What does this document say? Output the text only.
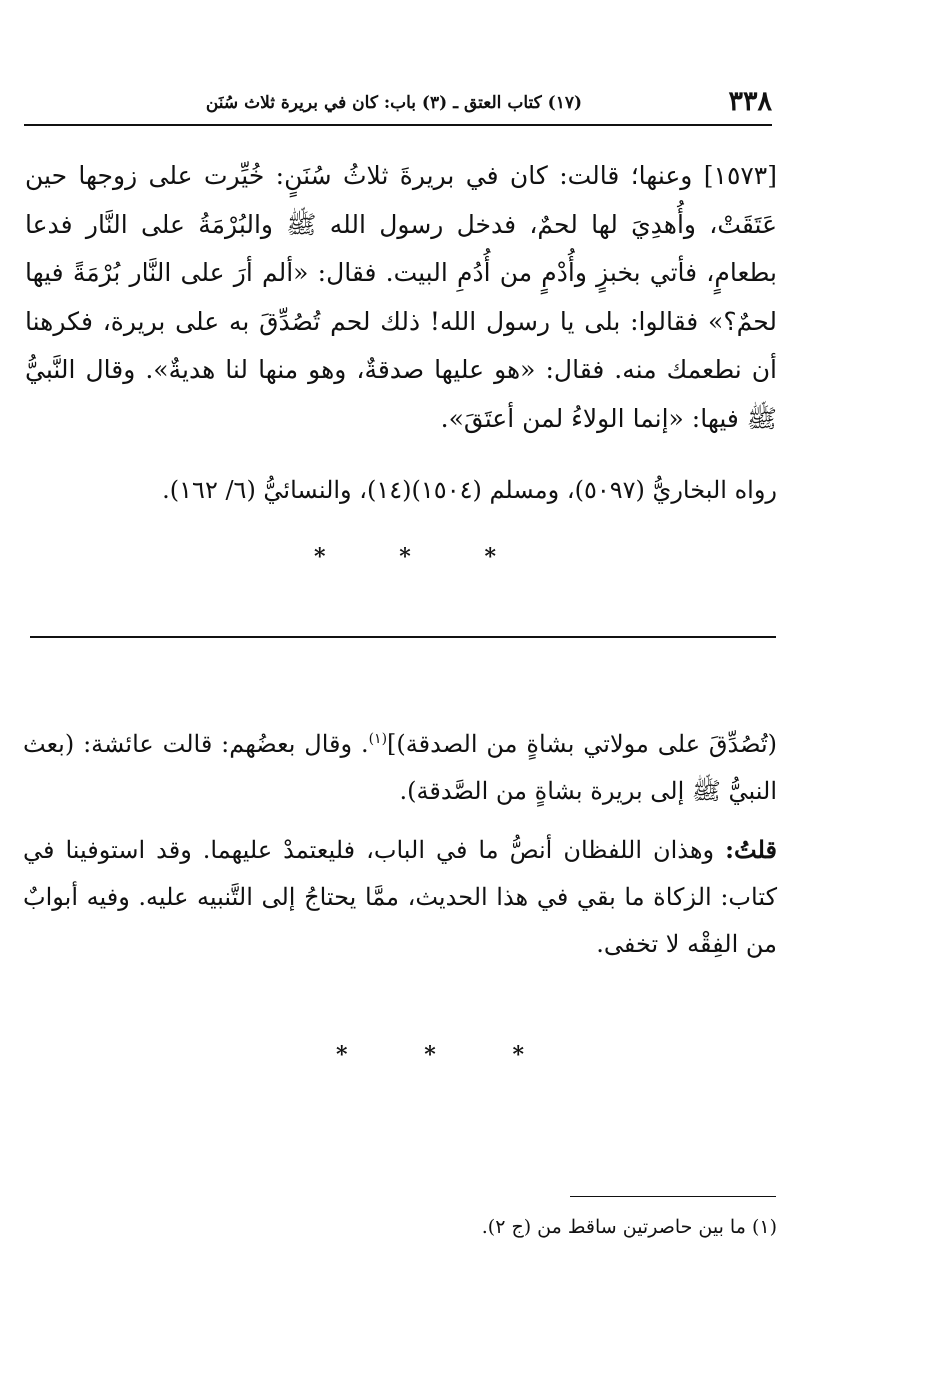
٣٣٨
(١٧) كتاب العتق ـ (٣) باب: كان في بريرة ثلاث سُنَن
[١٥٧٣] وعنها؛ قالت: كان في بريرةَ ثلاثُ سُنَنٍ: خُيِّرت على زوجها حين عَتَقَتْ، وأُهدِيَ لها لحمٌ، فدخل رسول الله ﷺ والبُرْمَةُ على النَّار فدعا بطعامٍ، فأتي بخبزٍ وأُدْمٍ من أُدُمِ البيت. فقال: «ألم أرَ على النَّار بُرْمَةً فيها لحمٌ؟» فقالوا: بلى يا رسول الله! ذلك لحم تُصُدِّقَ به على بريرة، فكرهنا أن نطعمك منه. فقال: «هو عليها صدقةٌ، وهو منها لنا هديةٌ». وقال النَّبيُّ ﷺ فيها: «إنما الولاءُ لمن أعتَقَ».
رواه البخاريُّ (٥٠٩٧)، ومسلم (١٥٠٤)(١٤)، والنسائيُّ (٦/ ١٦٢).
*
*
*
(تُصُدِّقَ على مولاتي بشاةٍ من الصدقة)]$^{(١)}$. وقال بعضُهم: قالت عائشة: (بعث النبيُّ ﷺ إلى بريرة بشاةٍ من الصَّدقة).
قلتُ: وهذان اللفظان أنصُّ ما في الباب، فليعتمدْ عليهما. وقد استوفينا في كتاب: الزكاة ما بقي في هذا الحديث، ممَّا يحتاجُ إلى التَّنبيه عليه. وفيه أبوابٌ من الفِقْه لا تخفى.
*
*
*
(١) ما بين حاصرتين ساقط من (ج ٢).
